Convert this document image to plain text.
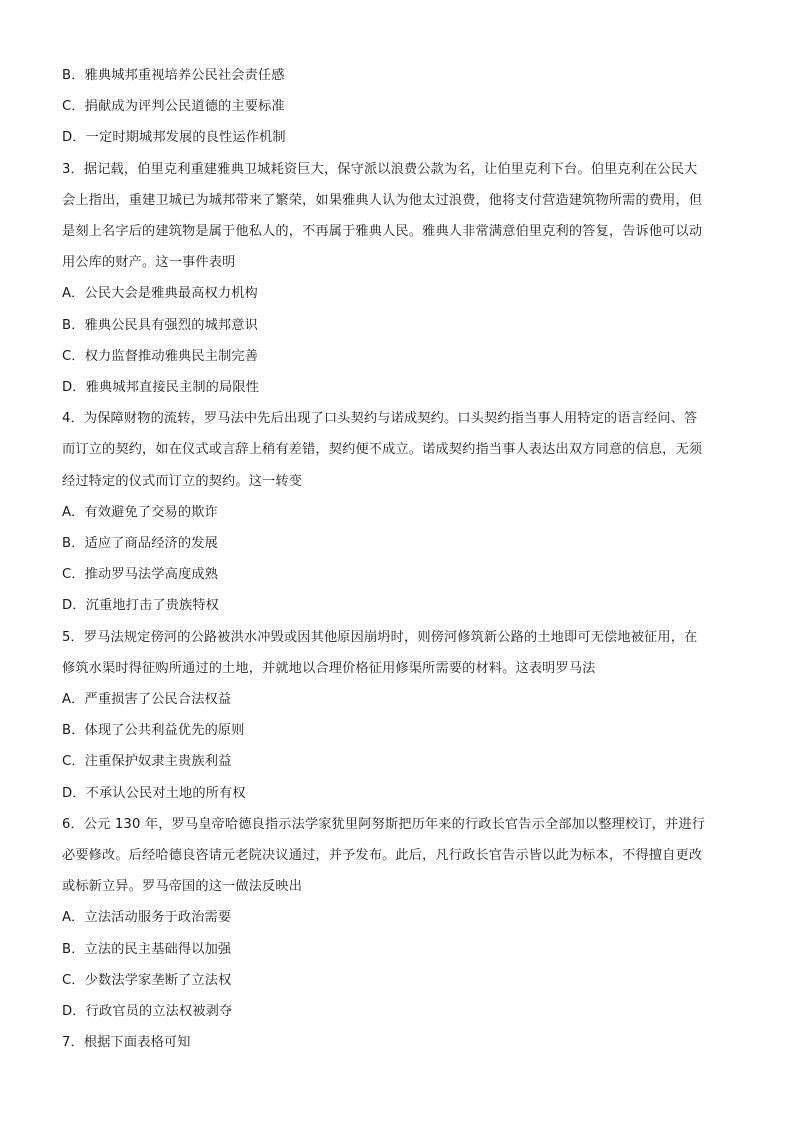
B．雅典城邦重视培养公民社会责任感
C．捐献成为评判公民道德的主要标准
D．一定时期城邦发展的良性运作机制
3．据记载，伯里克利重建雅典卫城耗资巨大，保守派以浪费公款为名，让伯里克利下台。伯里克利在公民大
会上指出，重建卫城已为城邦带来了繁荣，如果雅典人认为他太过浪费，他将支付营造建筑物所需的费用，但
是刻上名字后的建筑物是属于他私人的，不再属于雅典人民。雅典人非常满意伯里克利的答复，告诉他可以动
用公库的财产。这一事件表明
A．公民大会是雅典最高权力机构
B．雅典公民具有强烈的城邦意识
C．权力监督推动雅典民主制完善
D．雅典城邦直接民主制的局限性
4．为保障财物的流转，罗马法中先后出现了口头契约与诺成契约。口头契约指当事人用特定的语言经问、答
而订立的契约，如在仪式或言辞上稍有差错，契约便不成立。诺成契约指当事人表达出双方同意的信息，无须
经过特定的仪式而订立的契约。这一转变
A．有效避免了交易的欺诈
B．适应了商品经济的发展
C．推动罗马法学高度成熟
D．沉重地打击了贵族特权
5．罗马法规定傍河的公路被洪水冲毁或因其他原因崩坍时，则傍河修筑新公路的土地即可无偿地被征用，在
修筑水渠时得征购所通过的土地，并就地以合理价格征用修渠所需要的材料。这表明罗马法
A．严重损害了公民合法权益
B．体现了公共利益优先的原则
C．注重保护奴隶主贵族利益
D．不承认公民对土地的所有权
6．公元 130 年，罗马皇帝哈德良指示法学家犹里阿努斯把历年来的行政长官告示全部加以整理校订，并进行
必要修改。后经哈德良咨请元老院决议通过，并予发布。此后，凡行政长官告示皆以此为标本，不得擅自更改
或标新立异。罗马帝国的这一做法反映出
A．立法活动服务于政治需要
B．立法的民主基础得以加强
C．少数法学家垄断了立法权
D．行政官员的立法权被剥夺
7．根据下面表格可知
